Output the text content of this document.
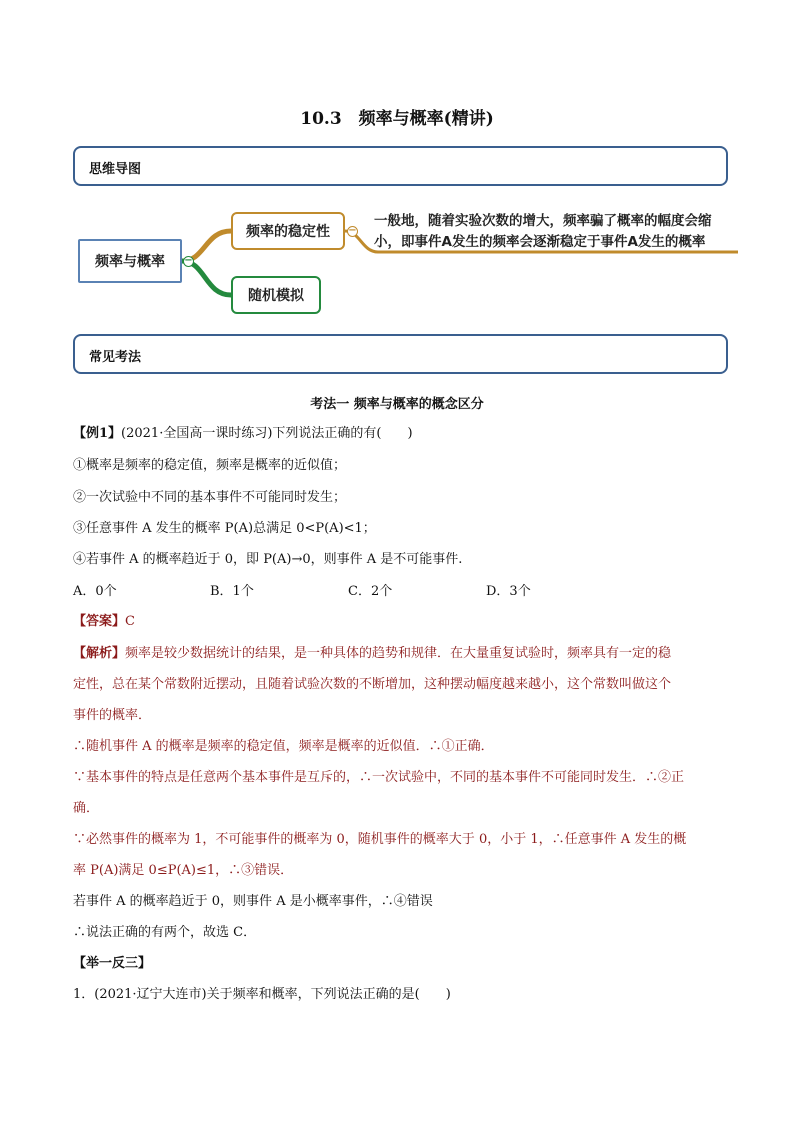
10.3　频率与概率(精讲)
思维导图
频率与概率	−
频率的稳定性	−
随机模拟
一般地，随着实验次数的增大，频率骗了概率的幅度会缩
小，即事件A发生的频率会逐渐稳定于事件A发生的概率
常见考法
考法一 频率与概率的概念区分
【例1】(2021·全国高一课时练习)下列说法正确的有(　　)
①概率是频率的稳定值，频率是概率的近似值；
②一次试验中不同的基本事件不可能同时发生；
③任意事件 A 发生的概率 P(A)总满足 0<P(A)<1；
④若事件 A 的概率趋近于 0，即 P(A)→0，则事件 A 是不可能事件.
A．0个	B．1个	C．2个	D．3个
【答案】C
【解析】频率是较少数据统计的结果，是一种具体的趋势和规律．在大量重复试验时，频率具有一定的稳
定性，总在某个常数附近摆动，且随着试验次数的不断增加，这种摆动幅度越来越小，这个常数叫做这个
事件的概率．
∴随机事件 A 的概率是频率的稳定值，频率是概率的近似值．∴①正确．
∵基本事件的特点是任意两个基本事件是互斥的，∴一次试验中，不同的基本事件不可能同时发生．∴②正
确．
∵必然事件的概率为 1，不可能事件的概率为 0，随机事件的概率大于 0，小于 1，∴任意事件 A 发生的概
率 P(A)满足 0≤P(A)≤1，∴③错误．
若事件 A 的概率趋近于 0，则事件 A 是小概率事件，∴④错误
∴说法正确的有两个，故选 C．
【举一反三】
1．(2021·辽宁大连市)关于频率和概率，下列说法正确的是(　　)
